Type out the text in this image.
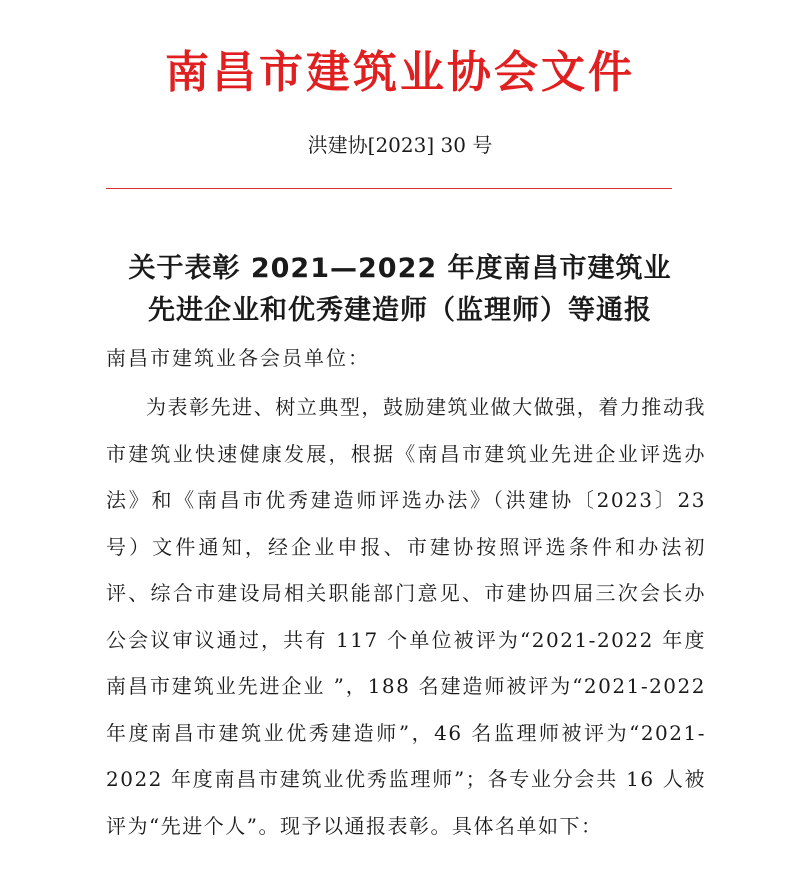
南昌市建筑业协会文件
洪建协[2023] 30 号
关于表彰 2021—2022 年度南昌市建筑业
先进企业和优秀建造师（监理师）等通报
南昌市建筑业各会员单位：

为表彰先进、树立典型，鼓励建筑业做大做强，着力推动我市建筑业快速健康发展，根据《南昌市建筑业先进企业评选办法》和《南昌市优秀建造师评选办法》（洪建协〔2023〕23 号）文件通知，经企业申报、市建协按照评选条件和办法初评、综合市建设局相关职能部门意见、市建协四届三次会长办公会议审议通过，共有 117 个单位被评为“2021-2022 年度南昌市建筑业先进企业 ”，188 名建造师被评为“2021-2022 年度南昌市建筑业优秀建造师”，46 名监理师被评为“2021-2022 年度南昌市建筑业优秀监理师”；各专业分会共 16 人被评为“先进个人”。现予以通报表彰。具体名单如下：
